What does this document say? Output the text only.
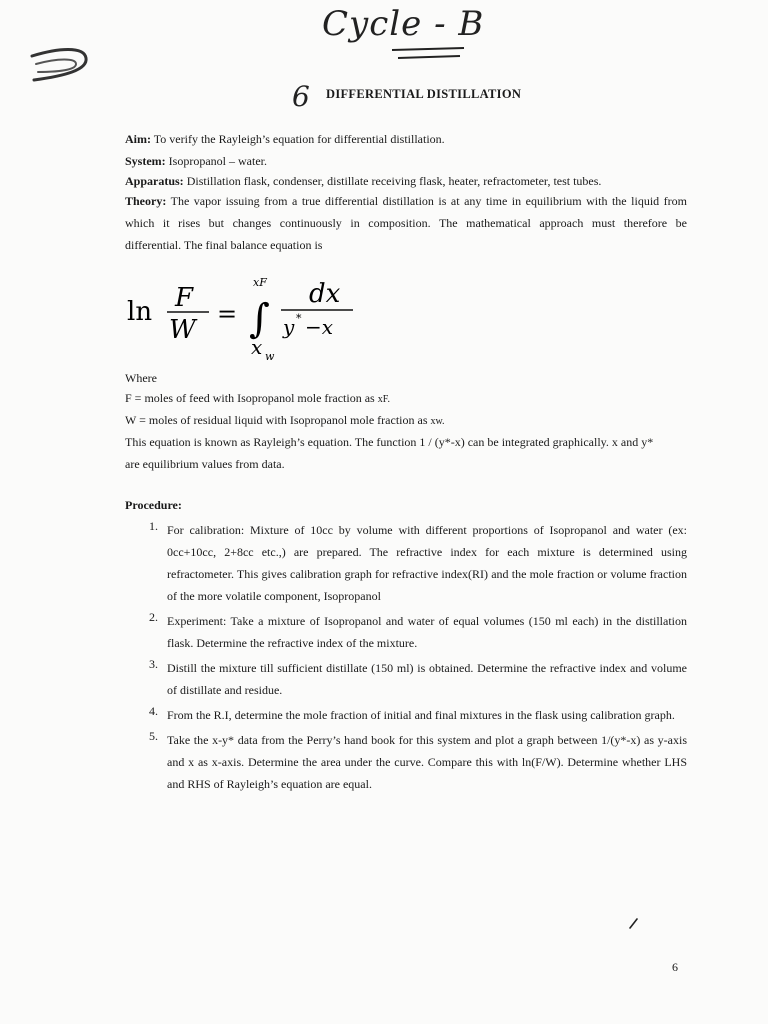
Cycle - B
6 DIFFERENTIAL DISTILLATION
Aim: To verify the Rayleigh’s equation for differential distillation.
System: Isopropanol – water.
Apparatus: Distillation flask, condenser, distillate receiving flask, heater, refractometer, test tubes.
Theory: The vapor issuing from a true differential distillation is at any time in equilibrium with the liquid from
which it rises but changes continuously in composition. The mathematical approach must therefore be
differential. The final balance equation is
ln F
W
= ∫
xF
x w
dx
y * −x
Where
F = moles of feed with Isopropanol mole fraction as xF.
W = moles of residual liquid with Isopropanol mole fraction as xw.
This equation is known as Rayleigh’s equation. The function 1 / (y*-x) can be integrated graphically. x and y*
are equilibrium values from data.
Procedure:
1. For calibration: Mixture of 10cc by volume with different proportions of Isopropanol and water (ex: 0cc+10cc, 2+8cc etc.,) are prepared. The refractive index for each mixture is determined using refractometer. This gives calibration graph for refractive index(RI) and the mole fraction or volume fraction of the more volatile component, Isopropanol
2. Experiment: Take a mixture of Isopropanol and water of equal volumes (150 ml each) in the distillation flask. Determine the refractive index of the mixture.
3. Distill the mixture till sufficient distillate (150 ml) is obtained. Determine the refractive index and volume of distillate and residue.
4. From the R.I, determine the mole fraction of initial and final mixtures in the flask using calibration graph.
5. Take the x-y* data from the Perry’s hand book for this system and plot a graph between 1/(y*-x) as y-axis and x as x-axis. Determine the area under the curve. Compare this with ln(F/W). Determine whether LHS and RHS of Rayleigh’s equation are equal.
6
